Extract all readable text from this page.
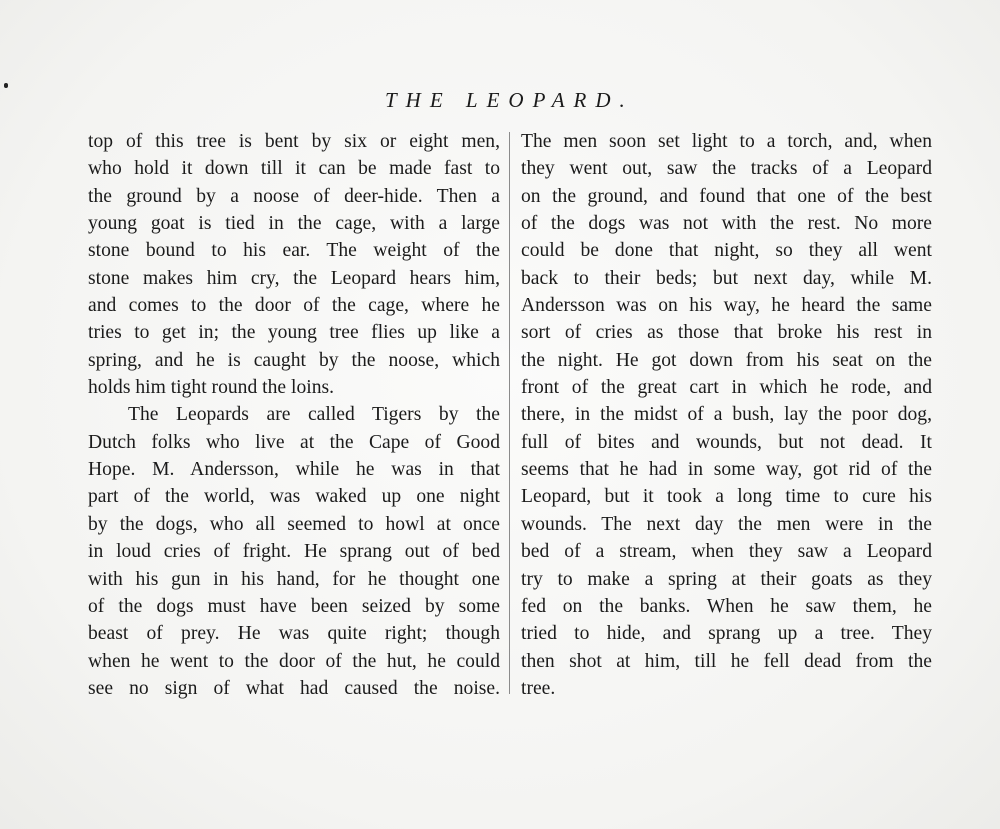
THE LEOPARD.
top of this tree is bent by six or eight men,
who hold it down till it can be made fast to
the ground by a noose of deer-hide. Then a
young goat is tied in the cage, with a large
stone bound to his ear. The weight of the
stone makes him cry, the Leopard hears him,
and comes to the door of the cage, where he
tries to get in; the young tree flies up like a
spring, and he is caught by the noose, which
holds him tight round the loins.
The Leopards are called Tigers by the
Dutch folks who live at the Cape of Good
Hope. M. Andersson, while he was in that
part of the world, was waked up one night
by the dogs, who all seemed to howl at once
in loud cries of fright. He sprang out of bed
with his gun in his hand, for he thought one
of the dogs must have been seized by some
beast of prey. He was quite right; though
when he went to the door of the hut, he could
see no sign of what had caused the noise.
The men soon set light to a torch, and, when
they went out, saw the tracks of a Leopard
on the ground, and found that one of the best
of the dogs was not with the rest. No more
could be done that night, so they all went
back to their beds; but next day, while M.
Andersson was on his way, he heard the same
sort of cries as those that broke his rest in
the night. He got down from his seat on the
front of the great cart in which he rode, and
there, in the midst of a bush, lay the poor dog,
full of bites and wounds, but not dead. It
seems that he had in some way, got rid of the
Leopard, but it took a long time to cure his
wounds. The next day the men were in the
bed of a stream, when they saw a Leopard
try to make a spring at their goats as they
fed on the banks. When he saw them, he
tried to hide, and sprang up a tree. They
then shot at him, till he fell dead from the
tree.
